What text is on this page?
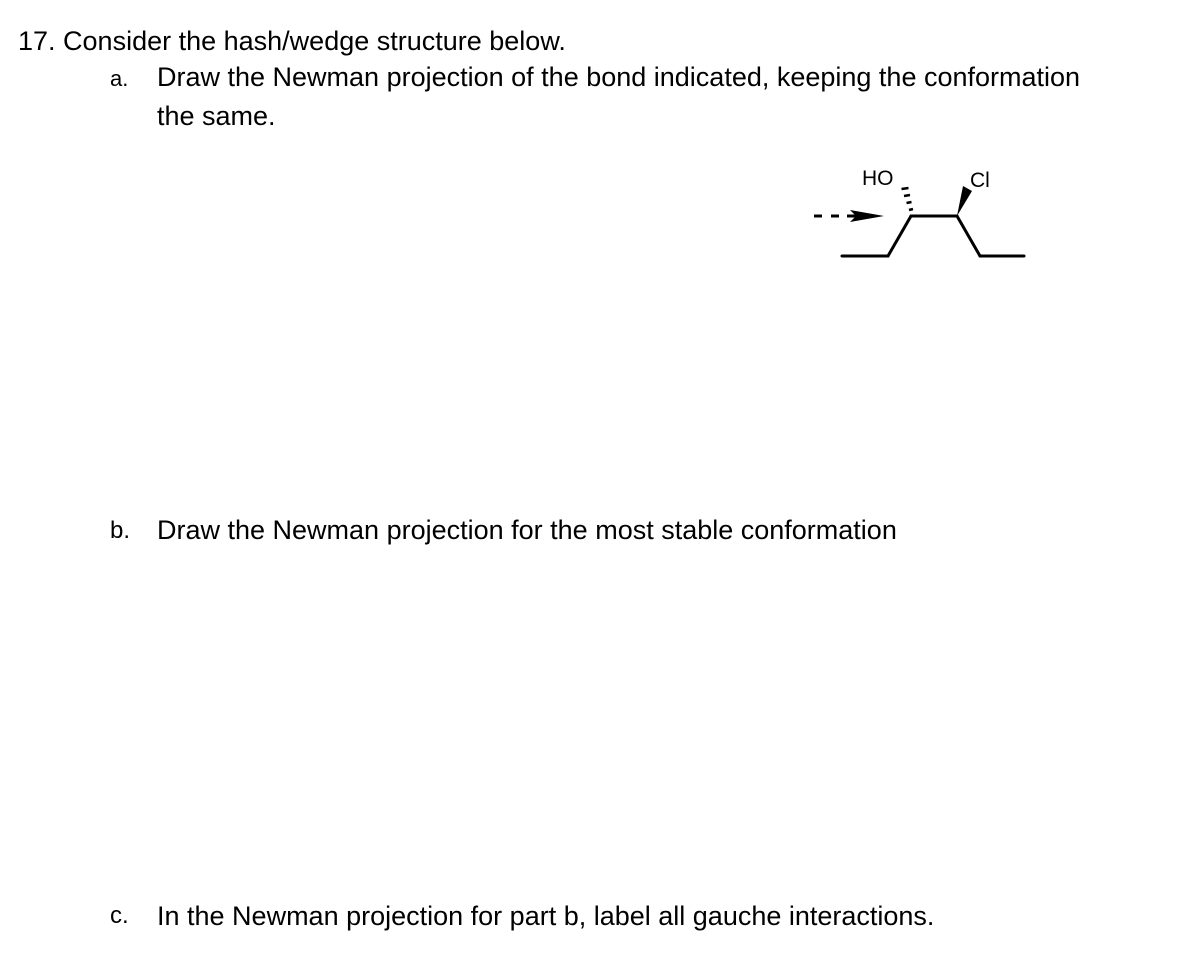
17. Consider the hash/wedge structure below.
a. Draw the Newman projection of the bond indicated, keeping the conformation
the same.
HO	Cl
b. Draw the Newman projection for the most stable conformation
c. In the Newman projection for part b, label all gauche interactions.
